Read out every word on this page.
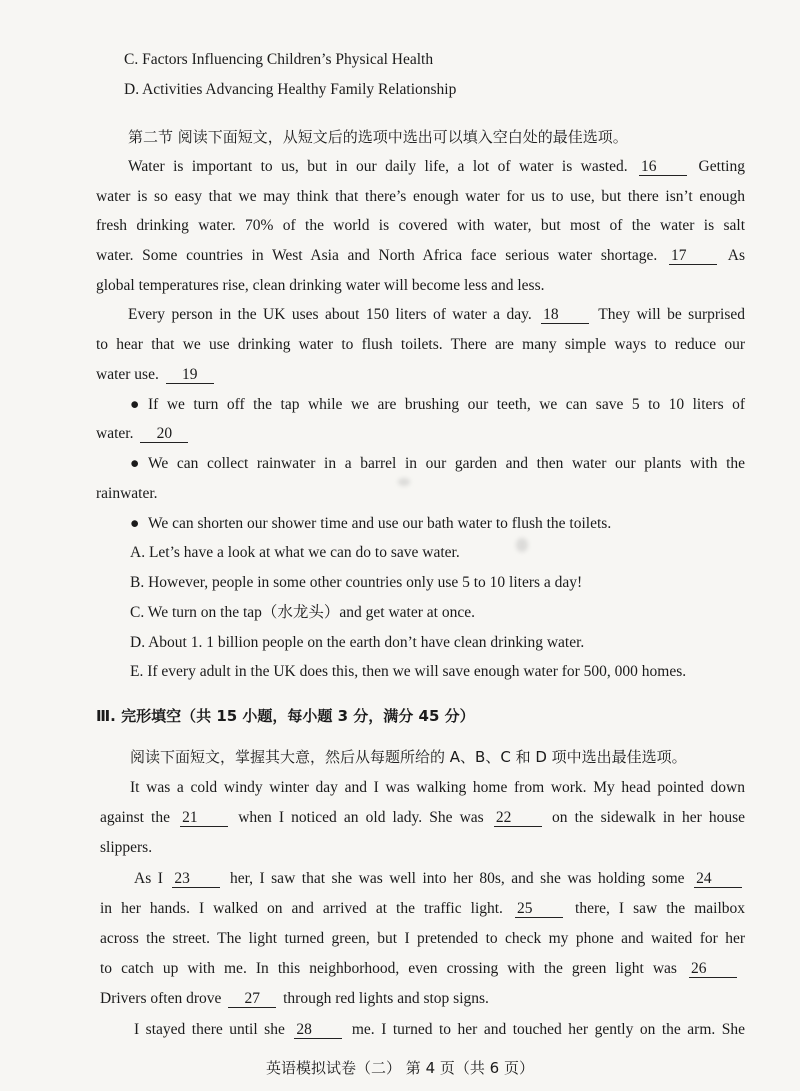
C. Factors Influencing Children’s Physical Health
D. Activities Advancing Healthy Family Relationship
第二节 阅读下面短文，从短文后的选项中选出可以填入空白处的最佳选项。
Water is important to us, but in our daily life, a lot of water is wasted. 16	Getting
water is so easy that we may think that there’s enough water for us to use, but there isn’t enough
fresh drinking water. 70% of the world is covered with water, but most of the water is salt
water. Some countries in West Asia and North Africa face serious water shortage. 17	As
global temperatures rise, clean drinking water will become less and less.
Every person in the UK uses about 150 liters of water a day. 18	They will be surprised
to hear that we use drinking water to flush toilets. There are many simple ways to reduce our
water use. 19
● If we turn off the tap while we are brushing our teeth, we can save 5 to 10 liters of
water. 20
● We can collect rainwater in a barrel in our garden and then water our plants with the
rainwater.
● We can shorten our shower time and use our bath water to flush the toilets.
A. Let’s have a look at what we can do to save water.
B. However, people in some other countries only use 5 to 10 liters a day!
C. We turn on the tap（水龙头）and get water at once.
D. About 1. 1 billion people on the earth don’t have clean drinking water.
E. If every adult in the UK does this, then we will save enough water for 500, 000 homes.
Ⅲ. 完形填空（共 15 小题，每小题 3 分，满分 45 分）
阅读下面短文，掌握其大意，然后从每题所给的 A、B、C 和 D 项中选出最佳选项。
It was a cold windy winter day and I was walking home from work. My head pointed down
against the 21	when I noticed an old lady. She was 22	on the sidewalk in her house
slippers.
As I 23	her, I saw that she was well into her 80s, and she was holding some 24
in her hands. I walked on and arrived at the traffic light. 25	there, I saw the mailbox
across the street. The light turned green, but I pretended to check my phone and waited for her
to catch up with me. In this neighborhood, even crossing with the green light was 26
Drivers often drove 27 through red lights and stop signs.
I stayed there until she 28	me. I turned to her and touched her gently on the arm. She
英语模拟试卷（二） 第 4 页（共 6 页）
